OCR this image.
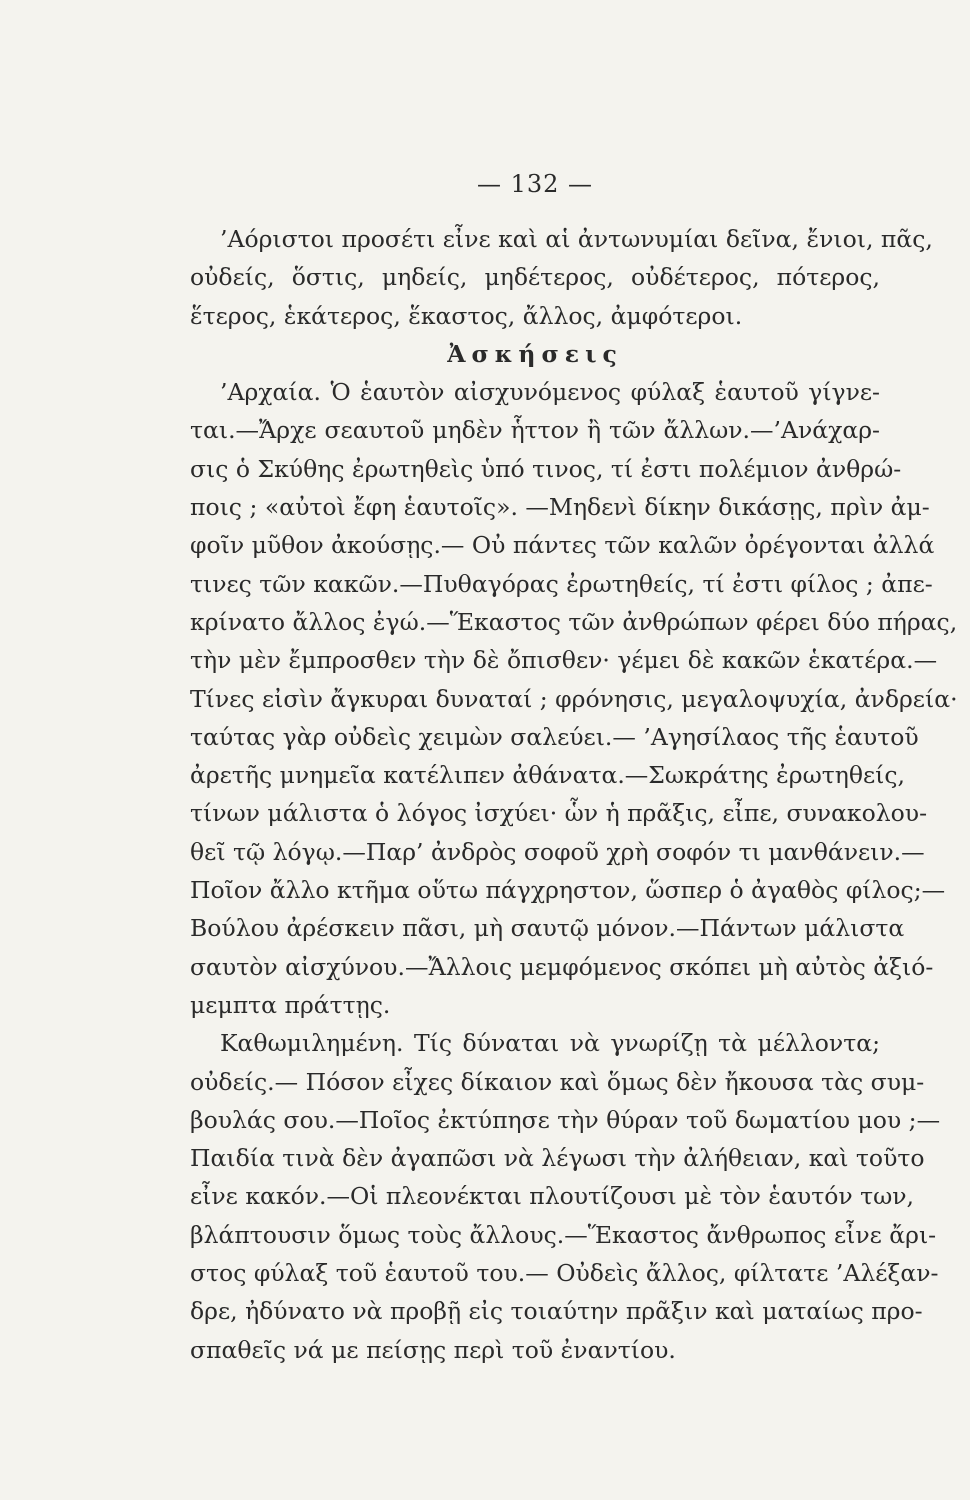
— 132 —
’Αόριστοι προσέτι εἶνε καὶ αἱ ἀντωνυμίαι δεῖνα, ἔνιοι, πᾶς,
οὐδείς, ὅστις, μηδείς, μηδέτερος, οὐδέτερος, πότερος,
ἕτερος, ἑκάτερος, ἕκαστος, ἄλλος, ἀμφότεροι.
Ἀσκήσεις
’Αρχαία. Ὁ ἑαυτὸν αἰσχυνόμενος φύλαξ ἑαυτοῦ γίγνε-
ται.—Ἄρχε σεαυτοῦ μηδὲν ἧττον ἢ τῶν ἄλλων.—’Ανάχαρ-
σις ὁ Σκύθης ἐρωτηθεὶς ὑπό τινος, τί ἐστι πολέμιον ἀνθρώ-
ποις ; «αὐτοὶ ἔφη ἑαυτοῖς». —Μηδενὶ δίκην δικάσῃς, πρὶν ἀμ-
φοῖν μῦθον ἀκούσῃς.— Οὐ πάντες τῶν καλῶν ὀρέγονται ἀλλά
τινες τῶν κακῶν.—Πυθαγόρας ἐρωτηθείς, τί ἐστι φίλος ; ἀπε-
κρίνατο ἄλλος ἐγώ.—Ἕκαστος τῶν ἀνθρώπων φέρει δύο πήρας,
τὴν μὲν ἔμπροσθεν τὴν δὲ ὄπισθεν· γέμει δὲ κακῶν ἑκατέρα.—
Τίνες εἰσὶν ἄγκυραι δυναταί ; φρόνησις, μεγαλοψυχία, ἀνδρεία·
ταύτας γὰρ οὐδεὶς χειμὼν σαλεύει.— ’Αγησίλαος τῆς ἑαυτοῦ
ἀρετῆς μνημεῖα κατέλιπεν ἀθάνατα.—Σωκράτης ἐρωτηθείς,
τίνων μάλιστα ὁ λόγος ἰσχύει· ὧν ἡ πρᾶξις, εἶπε, συνακολου-
θεῖ τῷ λόγῳ.—Παρ’ ἀνδρὸς σοφοῦ χρὴ σοφόν τι μανθάνειν.—
Ποῖον ἄλλο κτῆμα οὕτω πάγχρηστον, ὥσπερ ὁ ἀγαθὸς φίλος;—
Βούλου ἀρέσκειν πᾶσι, μὴ σαυτῷ μόνον.—Πάντων μάλιστα
σαυτὸν αἰσχύνου.—Ἄλλοις μεμφόμενος σκόπει μὴ αὐτὸς ἀξιό-
μεμπτα πράττῃς.
Καθωμιλημένη. Τίς δύναται νὰ γνωρίζῃ τὰ μέλλοντα;
οὐδείς.— Πόσον εἶχες δίκαιον καὶ ὅμως δὲν ἤκουσα τὰς συμ-
βουλάς σου.—Ποῖος ἐκτύπησε τὴν θύραν τοῦ δωματίου μου ;—
Παιδία τινὰ δὲν ἀγαπῶσι νὰ λέγωσι τὴν ἀλήθειαν, καὶ τοῦτο
εἶνε κακόν.—Οἱ πλεονέκται πλουτίζουσι μὲ τὸν ἑαυτόν των,
βλάπτουσιν ὅμως τοὺς ἄλλους.—Ἕκαστος ἄνθρωπος εἶνε ἄρι-
στος φύλαξ τοῦ ἑαυτοῦ του.— Οὐδεὶς ἄλλος, φίλτατε ’Αλέξαν-
δρε, ἠδύνατο νὰ προβῇ εἰς τοιαύτην πρᾶξιν καὶ ματαίως προ-
σπαθεῖς νά με πείσῃς περὶ τοῦ ἐναντίου.
